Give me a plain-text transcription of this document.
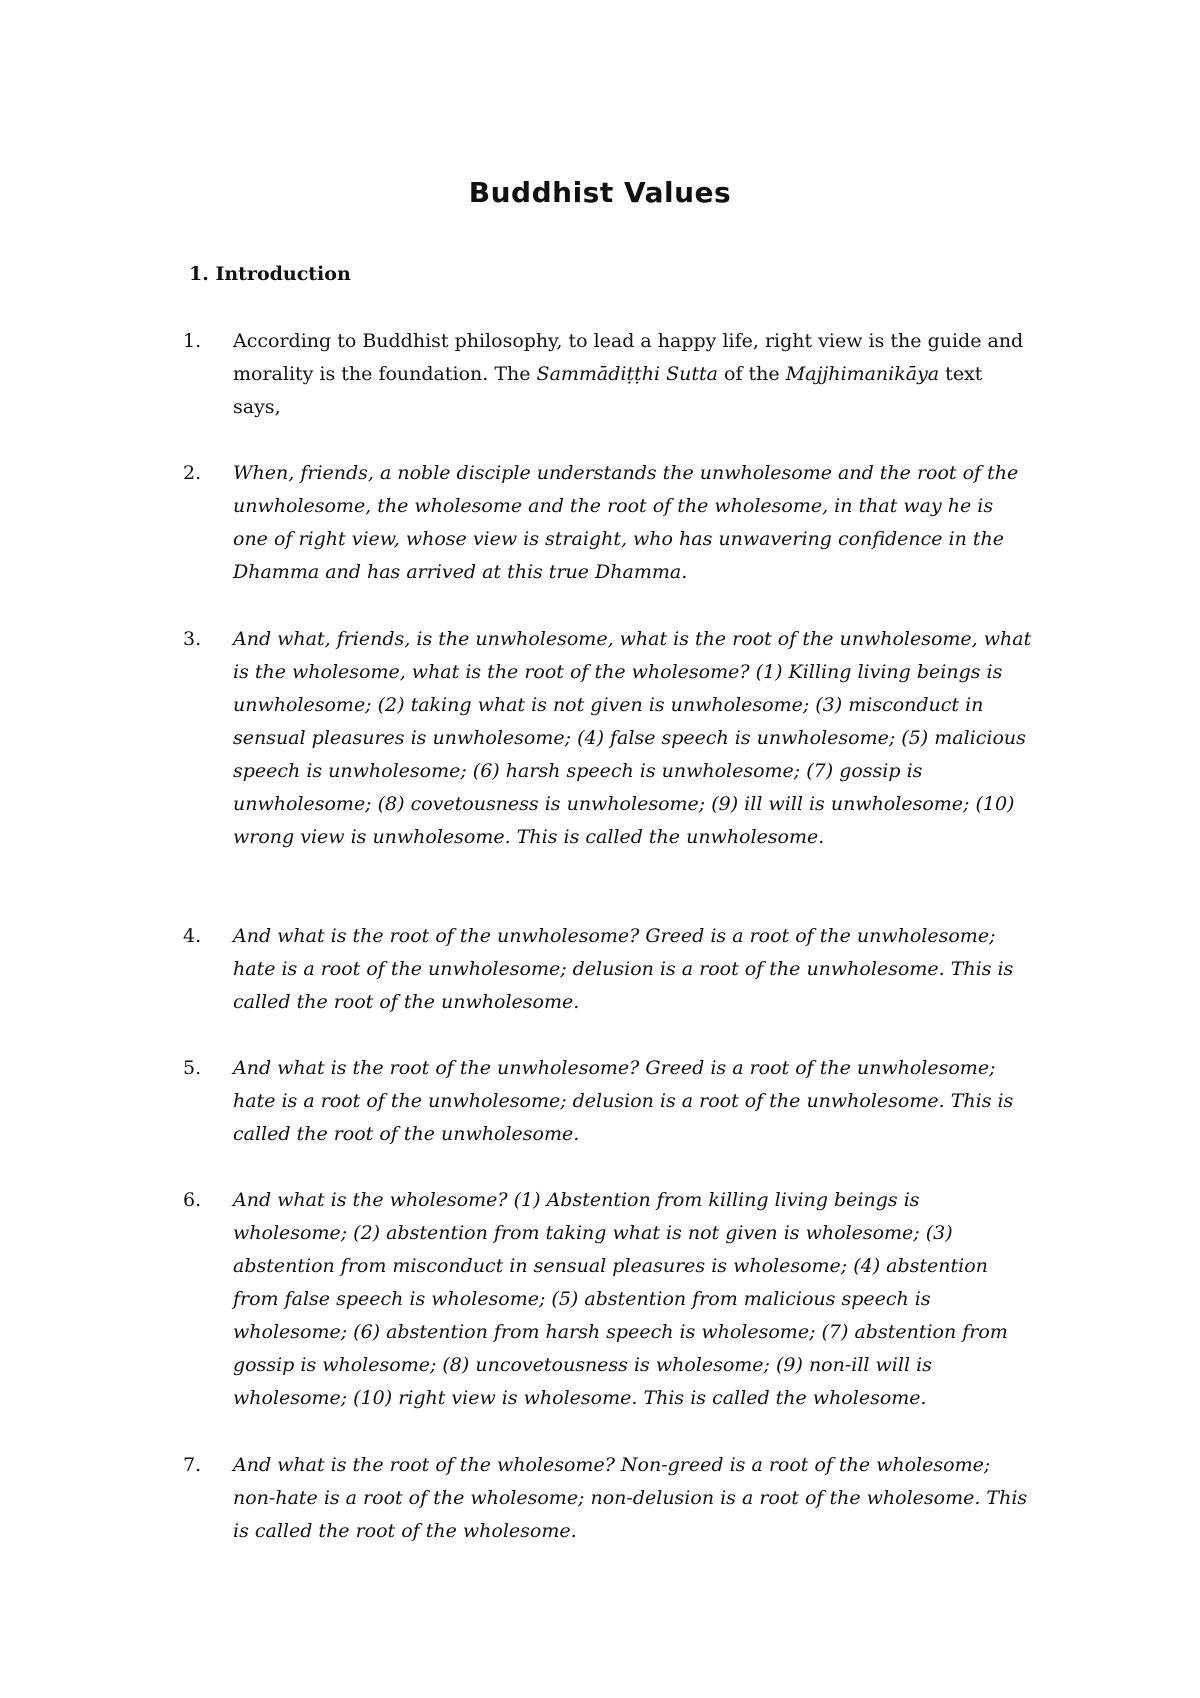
Buddhist Values
1. Introduction
1. According to Buddhist philosophy, to lead a happy life, right view is the guide and morality is the foundation. The Sammādiṭṭhi Sutta of the Majjhimanikāya text says,
2. When, friends, a noble disciple understands the unwholesome and the root of the unwholesome, the wholesome and the root of the wholesome, in that way he is one of right view, whose view is straight, who has unwavering confidence in the Dhamma and has arrived at this true Dhamma.
3. And what, friends, is the unwholesome, what is the root of the unwholesome, what is the wholesome, what is the root of the wholesome? (1) Killing living beings is unwholesome; (2) taking what is not given is unwholesome; (3) misconduct in sensual pleasures is unwholesome; (4) false speech is unwholesome; (5) malicious speech is unwholesome; (6) harsh speech is unwholesome; (7) gossip is unwholesome; (8) covetousness is unwholesome; (9) ill will is unwholesome; (10) wrong view is unwholesome. This is called the unwholesome.
4. And what is the root of the unwholesome? Greed is a root of the unwholesome; hate is a root of the unwholesome; delusion is a root of the unwholesome. This is called the root of the unwholesome.
5. And what is the root of the unwholesome? Greed is a root of the unwholesome; hate is a root of the unwholesome; delusion is a root of the unwholesome. This is called the root of the unwholesome.
6. And what is the wholesome? (1) Abstention from killing living beings is wholesome; (2) abstention from taking what is not given is wholesome; (3) abstention from misconduct in sensual pleasures is wholesome; (4) abstention from false speech is wholesome; (5) abstention from malicious speech is wholesome; (6) abstention from harsh speech is wholesome; (7) abstention from gossip is wholesome; (8) uncovetousness is wholesome; (9) non-ill will is wholesome; (10) right view is wholesome. This is called the wholesome.
7. And what is the root of the wholesome? Non-greed is a root of the wholesome; non-hate is a root of the wholesome; non-delusion is a root of the wholesome. This is called the root of the wholesome.
